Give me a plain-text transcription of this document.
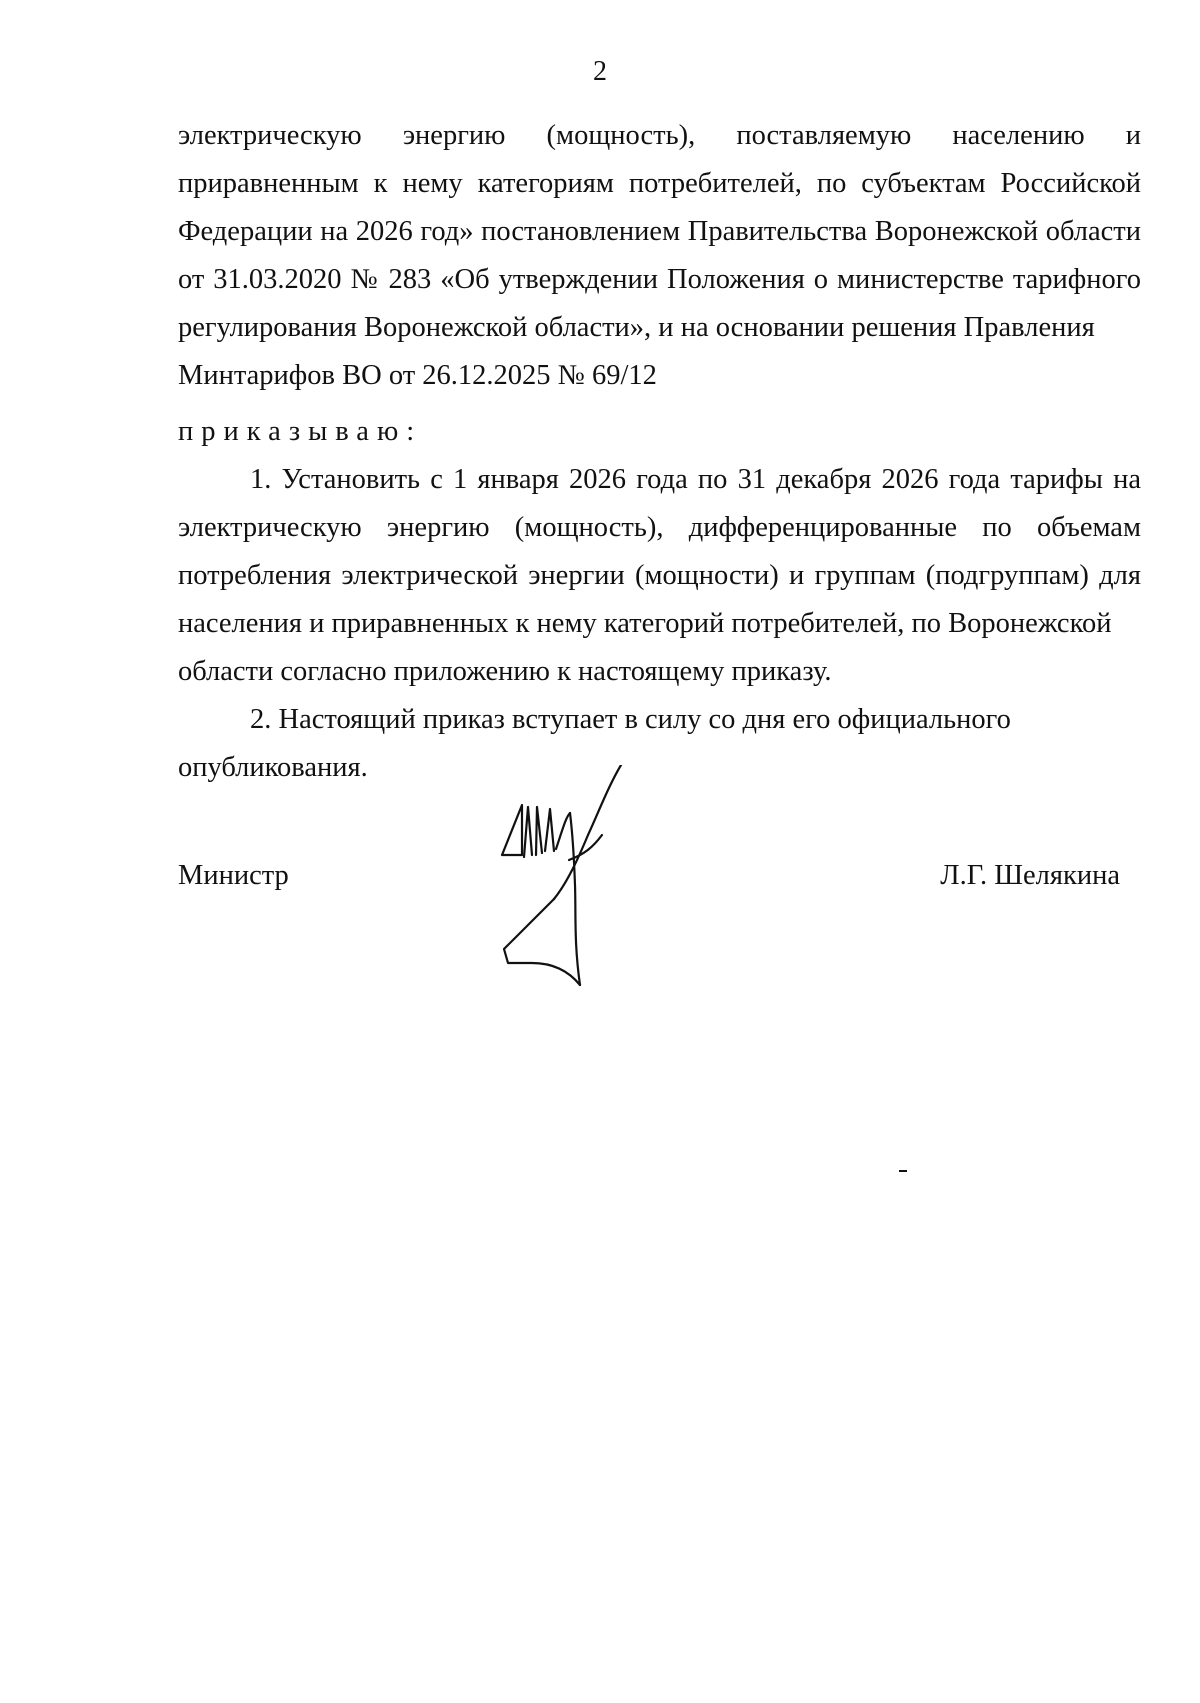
2

электрическую энергию (мощность), поставляемую населению и приравненным к нему категориям потребителей, по субъектам Российской Федерации на 2026 год» постановлением Правительства Воронежской области от 31.03.2020 № 283 «Об утверждении Положения о министерстве тарифного регулирования Воронежской области», и на основании решения Правления

Минтарифов ВО от 26.12.2025 № 69/12

приказываю:

1. Установить с 1 января 2026 года по 31 декабря 2026 года тарифы на электрическую энергию (мощность), дифференцированные по объемам потребления электрической энергии (мощности) и группам (подгруппам) для населения и приравненных к нему категорий потребителей, по Воронежской

области согласно приложению к настоящему приказу.

2. Настоящий приказ вступает в силу со дня его официального

опубликования.

Министр	Л.Г. Шелякина
